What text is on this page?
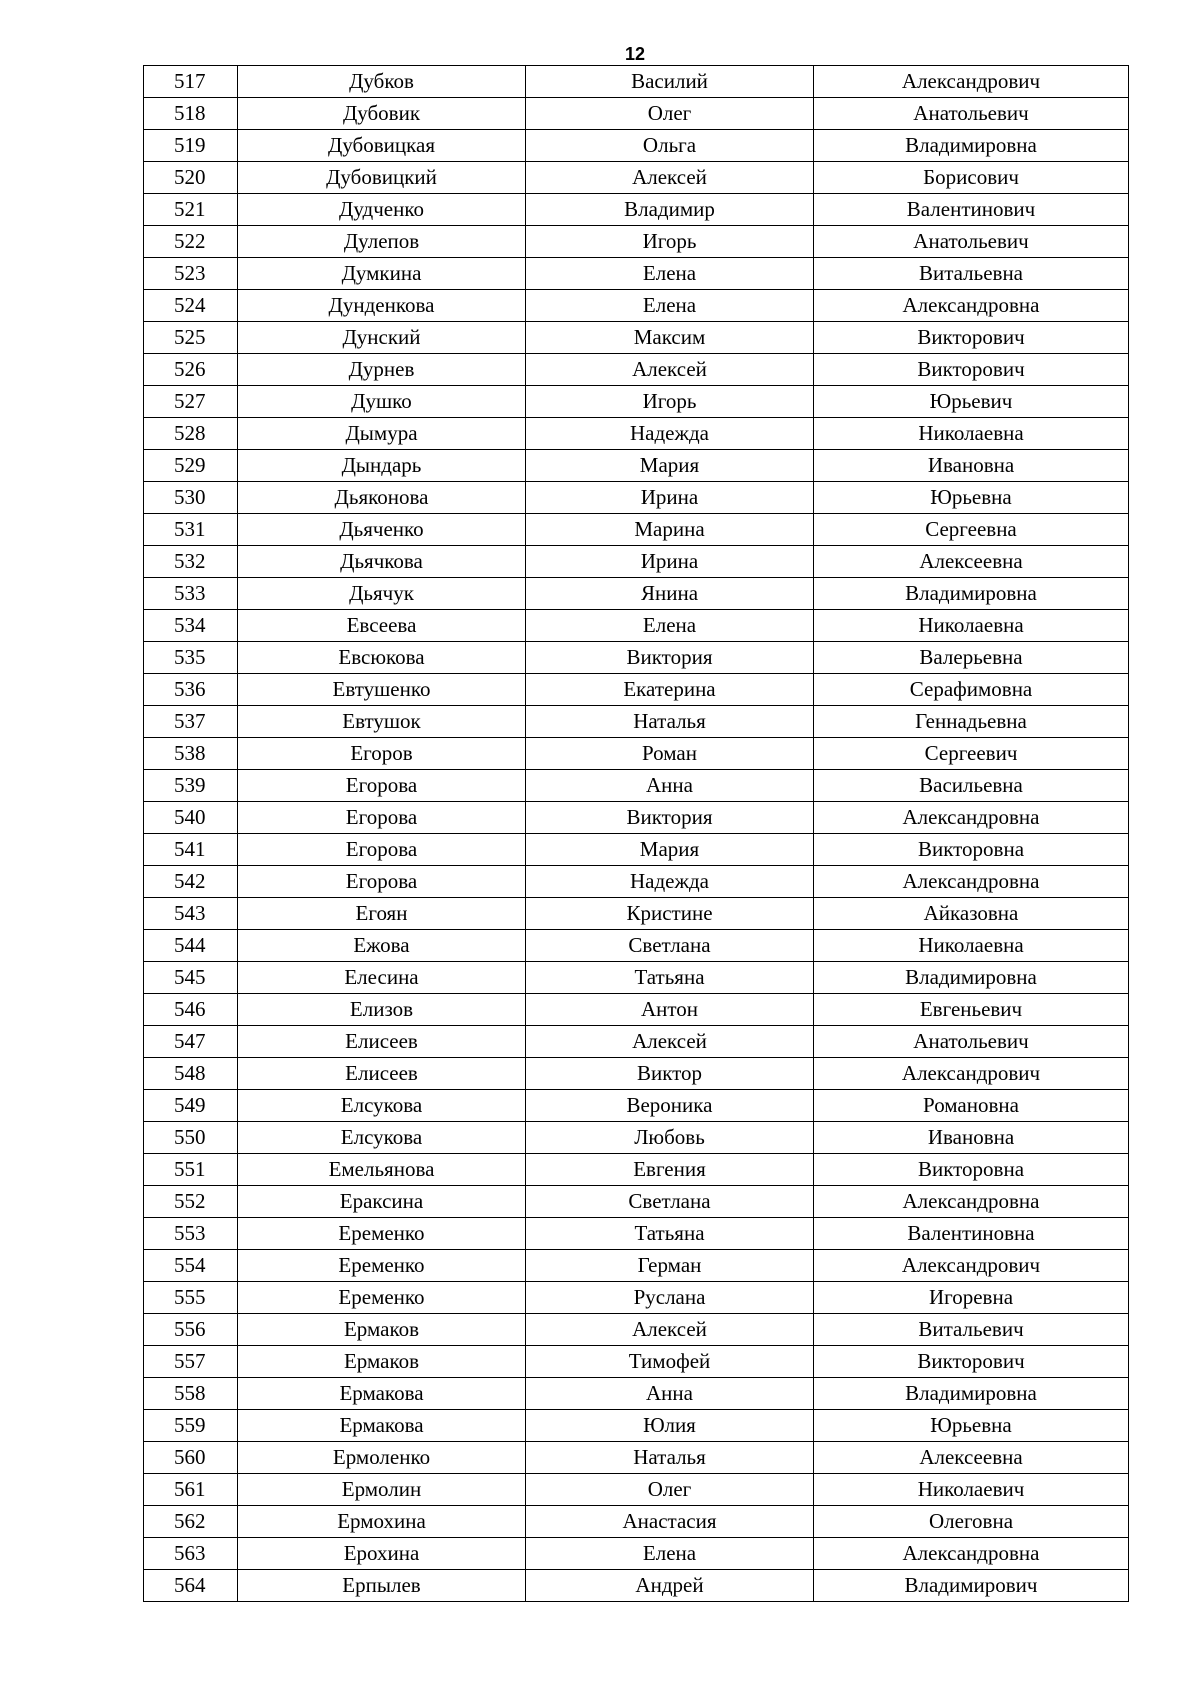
12
517	Дубков	Василий	Александрович
518	Дубовик	Олег	Анатольевич
519	Дубовицкая	Ольга	Владимировна
520	Дубовицкий	Алексей	Борисович
521	Дудченко	Владимир	Валентинович
522	Дулепов	Игорь	Анатольевич
523	Думкина	Елена	Витальевна
524	Дунденкова	Елена	Александровна
525	Дунский	Максим	Викторович
526	Дурнев	Алексей	Викторович
527	Душко	Игорь	Юрьевич
528	Дымура	Надежда	Николаевна
529	Дындарь	Мария	Ивановна
530	Дьяконова	Ирина	Юрьевна
531	Дьяченко	Марина	Сергеевна
532	Дьячкова	Ирина	Алексеевна
533	Дьячук	Янина	Владимировна
534	Евсеева	Елена	Николаевна
535	Евсюкова	Виктория	Валерьевна
536	Евтушенко	Екатерина	Серафимовна
537	Евтушок	Наталья	Геннадьевна
538	Егоров	Роман	Сергеевич
539	Егорова	Анна	Васильевна
540	Егорова	Виктория	Александровна
541	Егорова	Мария	Викторовна
542	Егорова	Надежда	Александровна
543	Егоян	Кристине	Айказовна
544	Ежова	Светлана	Николаевна
545	Елесина	Татьяна	Владимировна
546	Елизов	Антон	Евгеньевич
547	Елисеев	Алексей	Анатольевич
548	Елисеев	Виктор	Александрович
549	Елсукова	Вероника	Романовна
550	Елсукова	Любовь	Ивановна
551	Емельянова	Евгения	Викторовна
552	Ераксина	Светлана	Александровна
553	Еременко	Татьяна	Валентиновна
554	Еременко	Герман	Александрович
555	Еременко	Руслана	Игоревна
556	Ермаков	Алексей	Витальевич
557	Ермаков	Тимофей	Викторович
558	Ермакова	Анна	Владимировна
559	Ермакова	Юлия	Юрьевна
560	Ермоленко	Наталья	Алексеевна
561	Ермолин	Олег	Николаевич
562	Ермохина	Анастасия	Олеговна
563	Ерохина	Елена	Александровна
564	Ерпылев	Андрей	Владимирович
